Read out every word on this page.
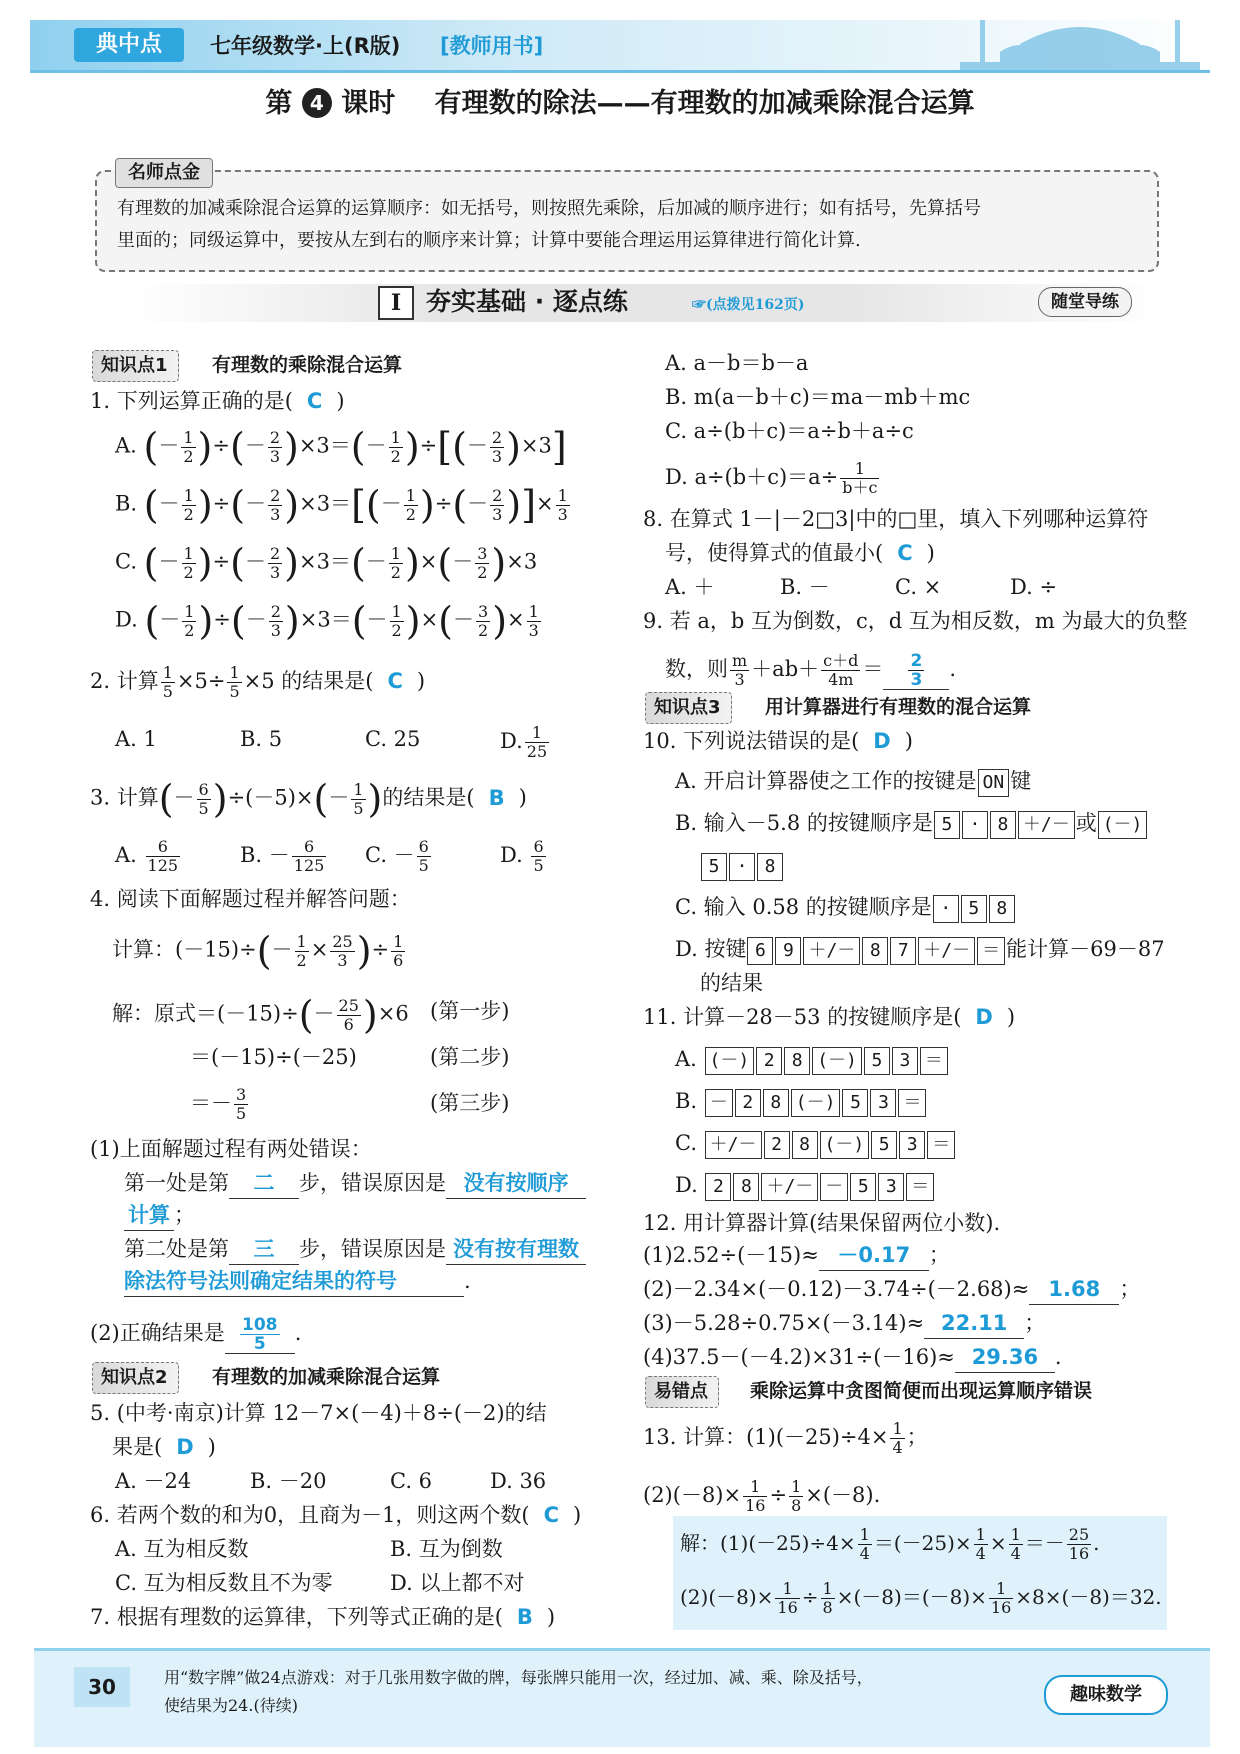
典中点	七年级数学·上(R版) [教师用书]
第 4 课时 有理数的除法——有理数的加减乘除混合运算
名师点金
有理数的加减乘除混合运算的运算顺序：如无括号，则按照先乘除，后加减的顺序进行；如有括号，先算括号
里面的；同级运算中，要按从左到右的顺序来计算；计算中要能合理运用运算律进行简化计算.
Ⅰ 夯实基础 · 逐点练	☞(点拨见162页)	随堂导练
知识点1	有理数的乘除混合运算
1. 下列运算正确的是( C )
A. (－ $\frac{1}{2}$ )÷(－ $\frac{2}{3} )\times 3=(- \frac{1}{2}$ )÷[(－ $\frac{2}{3} )\times 3$]
B. (－ $\frac{1}{2}$ )÷(－ $\frac{2}{3} )\times 3=[(- \frac{1}{2}$ )÷(－ $\frac{2}{3}$ )]× $\frac{1}{3}$
C. (－ $\frac{1}{2}$ )÷(－ $\frac{2}{3} )\times 3=(- \frac{1}{2}$ )×(－ $\frac{3}{2} )\times 3$
D. (－ $\frac{1}{2}$ )÷(－ $\frac{2}{3} )\times 3=(- \frac{1}{2}$ )×(－ $\frac{3}{2}$ )× $\frac{1}{3}$
2. 计算 $\frac{1}{5} \times 5\div \frac{1}{5} \times 5$ 的结果是( C )
A. 1	B. 5	C. 25	D. $\frac{1}{25}$
3. 计算(－ $\frac{6}{5} )\div(-5)\times(- \frac{1}{5}$ )的结果是( B )
A. $\frac{6}{125}$	B. － $\frac{6}{125} C$. － $\frac{6}{5}$	D. $\frac{6}{5}$
4. 阅读下面解题过程并解答问题：
计算：$(-15)\div(- \frac{1}{2} \times \frac{25}{3}$ )÷ $\frac{1}{6}$
解：原式$=(-15)\div(- \frac{25}{6} )\times 6$ (第一步)
＝(－15)÷(－25)	(第二步)
＝－ $\frac{3}{5}$	(第三步)
(1)上面解题过程有两处错误：
第一处是第 二 步，错误原因是 没有按顺序
计算 ；
第二处是第 三 步，错误原因是 没有按有理数
除法符号法则确定结果的符号	.
(2)正确结果是 $\frac{108}{5}$ .
知识点2	有理数的加减乘除混合运算
5. (中考·南京)计算 12－7×(－4)＋8÷(－2)的结
果是( D )
A. －24	B. －20	C. 6	D. 36
6. 若两个数的和为0，且商为－1，则这两个数( C )
A. 互为相反数	B. 互为倒数
C. 互为相反数且不为零	D. 以上都不对
7. 根据有理数的运算律，下列等式正确的是( B )
A. a－b＝b－a
B. m(a－b＋c)＝ma－mb＋mc
C. a÷(b＋c)＝a÷b＋a÷c
D. $a\div(b+c)=a\div \frac{1}{b+c}$
8. 在算式 1－|－2□3|中的□里，填入下列哪种运算符
号，使得算式的值最小( C )
A. ＋	B. －	C. ×	D. ÷
9. 若 a，b 互为倒数，c，d 互为相反数，m 为最大的负整
数，则 $\frac{m}{3} +ab+ \frac{c+d}{4m} = \frac{2}{3}$ .
知识点3	用计算器进行有理数的混合运算
10. 下列说法错误的是( D )
A. 开启计算器使之工作的按键是 ON 键
B. 输入－5.8 的按键顺序是 5 · 8 ＋/－ 或 (－)
5 · 8
C. 输入 0.58 的按键顺序是 · 5 8
D. 按键 6 9 ＋/－ 8 7 ＋/－ ＝ 能计算－69－87
的结果
11. 计算－28－53 的按键顺序是( D )
A. (－) 2 8 (－) 5 3 ＝
B. － 2 8 (－) 5 3 ＝
C. ＋/－ 2 8 (－) 5 3 ＝
D. 2 8 ＋/－ － 5 3 ＝
12. 用计算器计算(结果保留两位小数).
(1)2.52÷(－15)≈ －0.17 ；
(2)－2.34×(－0.12)－3.74÷(－2.68)≈ 1.68 ；
(3)－5.28÷0.75×(－3.14)≈ 22.11 ；
(4)37.5－(－4.2)×31÷(－16)≈ 29.36 .
易错点	乘除运算中贪图简便而出现运算顺序错误
13. 计算：$(1)(-25)\div 4\times \frac{1}{4}$ ；
$(2)(-8)\times \frac{1}{16} \div \frac{1}{8} \times(-8)$.
解：$(1)(-25)\div 4\times \frac{1}{4} =(-25)\times \frac{1}{4} \times \frac{1}{4} =- \frac{25}{16}$ .
$(2)(-8)\times \frac{1}{16} \div \frac{1}{8} \times(-8)=(-8)\times \frac{1}{16} \times 8\times(-8)=32$.
30	用“数字牌”做24点游戏：对于几张用数字做的牌，每张牌只能用一次，经过加、减、乘、除及括号，
使结果为24.(待续)
趣味数学
